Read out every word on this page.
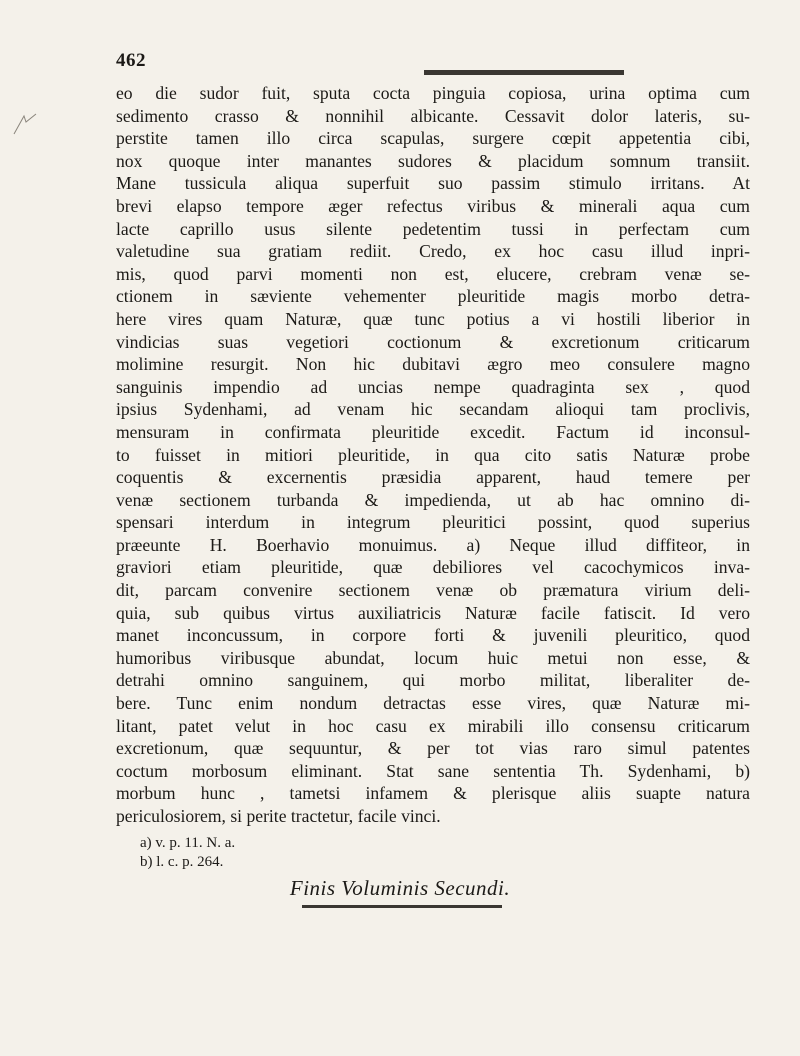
462
eo die sudor fuit, sputa cocta pinguia copiosa, urina optima cum
sedimento crasso & nonnihil albicante. Cessavit dolor lateris, su-
perstite tamen illo circa scapulas, surgere cœpit appetentia cibi,
nox quoque inter manantes sudores & placidum somnum transiit.
Mane tussicula aliqua superfuit suo passim stimulo irritans. At
brevi elapso tempore æger refectus viribus & minerali aqua cum
lacte caprillo usus silente pedetentim tussi in perfectam cum
valetudine sua gratiam rediit. Credo, ex hoc casu illud inpri-
mis, quod parvi momenti non est, elucere, crebram venæ se-
ctionem in sæviente vehementer pleuritide magis morbo detra-
here vires quam Naturæ, quæ tunc potius a vi hostili liberior in
vindicias suas vegetiori coctionum & excretionum criticarum
molimine resurgit. Non hic dubitavi ægro meo consulere magno
sanguinis impendio ad uncias nempe quadraginta sex , quod
ipsius Sydenhami, ad venam hic secandam alioqui tam proclivis,
mensuram in confirmata pleuritide excedit. Factum id inconsul-
to fuisset in mitiori pleuritide, in qua cito satis Naturæ probe
coquentis & excernentis præsidia apparent, haud temere per
venæ sectionem turbanda & impedienda, ut ab hac omnino di-
spensari interdum in integrum pleuritici possint, quod superius
præeunte H. Boerhavio monuimus. a) Neque illud diffiteor, in
graviori etiam pleuritide, quæ debiliores vel cacochymicos inva-
dit, parcam convenire sectionem venæ ob præmatura virium deli-
quia, sub quibus virtus auxiliatricis Naturæ facile fatiscit. Id vero
manet inconcussum, in corpore forti & juvenili pleuritico, quod
humoribus viribusque abundat, locum huic metui non esse, &
detrahi omnino sanguinem, qui morbo militat, liberaliter de-
bere. Tunc enim nondum detractas esse vires, quæ Naturæ mi-
litant, patet velut in hoc casu ex mirabili illo consensu criticarum
excretionum, quæ sequuntur, & per tot vias raro simul patentes
coctum morbosum eliminant. Stat sane sententia Th. Sydenhami, b)
morbum hunc , tametsi infamem & plerisque aliis suapte natura
periculosiorem, si perite tractetur, facile vinci.
a) v. p. 11. N. a.
b) l. c. p. 264.
Finis Voluminis Secundi.
